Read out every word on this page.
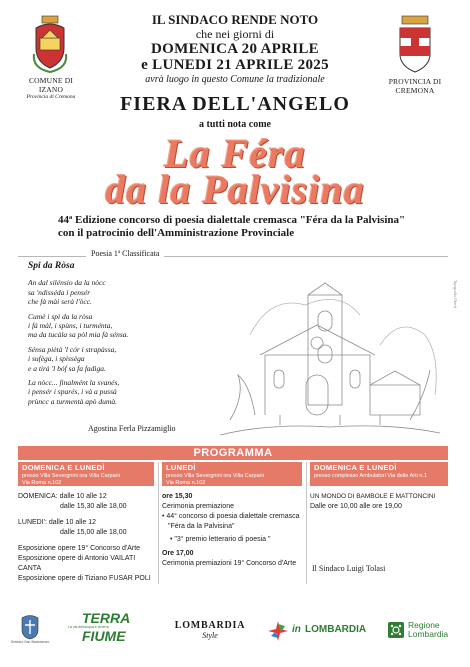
COMUNE DI IZANO
Provincia di Cremona
PROVINCIA DI
CREMONA
IL SINDACO RENDE NOTO
che nei giorni di
DOMENICA 20 APRILE
e LUNEDI 21 APRILE 2025
avrà luogo in questo Comune la tradizionale
FIERA DELL'ANGELO
a tutti nota come
La Féra
da la Palvisina
44ª Edizione concorso di poesia dialettale cremasca "Féra da la Palvisina"
con il patrocinio dell'Amministrazione Provinciale
Poesia 1ª Classificata
Spi da Ròsa
An dal silénsio da la nòcc
sa 'ndisséda i pensér
che fà mài serà l'òcc.
Cumè i spì da la ròsa
i fà màl, i spùns, i turménta,
ma da tucàla sa pòl mia fà sénsa.
Sénsa piètà 'l cór i strapàssa,
i sufèga, i spissèga
e a tirà 'l bóf sa fa fadìga.
La nòcc... finalmént la svanés,
i pensér i sparés, i và a pussà
prùncc a turmentà apò dumà.
Agostina Ferla Pizzamiglio
Tipografia Uberti
PROGRAMMA
DOMENICA E LUNEDÌ
presso Villa Severgnini ora Villa Carpani
Via Roma n.102
DOMENICA: dalle 10 alle 12
dalle 15,30 alle 18,00
LUNEDI': dalle 10 alle 12
dalle 15,00 alle 18,00
Esposizione opere 19° Concorso d'Arte
Esposizione opere di Antonio VAILATI CANTA
Esposizione opere di Tiziano FUSAR POLI
LUNEDÌ
presso Villa Severgnini ora Villa Carpani
Via Roma n.102
ore 15,30
Cerimonia premiazione
• 44° concorso di poesia dialettale cremasca
"Féra da la Palvisina"
• "3° premio letterario di poesia "
Ore 17,00
Cerimonia premiazioni 19° Concorso d'Arte
DOMENICA E LUNEDÌ
presso complesso Ambulatori Via delle Arti n.1
UN MONDO DI BAMBOLE E MATTONCINI
Dalle ore 10,00 alle ore 19,00
Il Sindaco Luigi Tolasi
Oratorio San Bartolomeo
TERRA
La via dell'acqua e la terra
FIUME
LOMBARDIA
Style
in LOMBARDIA	Regione
Lombardia
